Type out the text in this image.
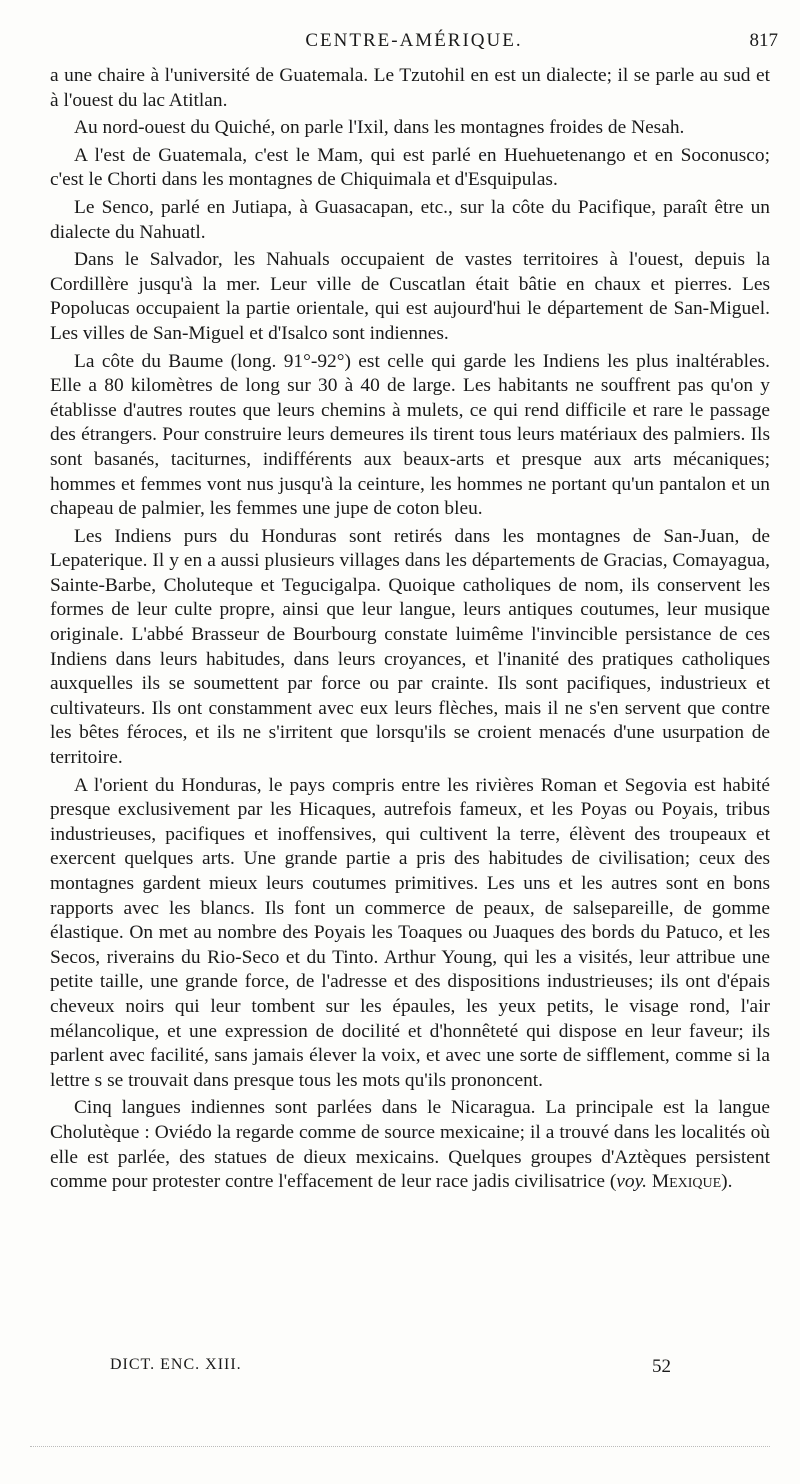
CENTRE-AMÉRIQUE.	817

a une chaire à l'université de Guatemala. Le Tzutohil en est un dialecte; il se parle au sud et à l'ouest du lac Atitlan.

Au nord-ouest du Quiché, on parle l'Ixil, dans les montagnes froides de Nesah.

A l'est de Guatemala, c'est le Mam, qui est parlé en Huehuetenango et en Soconusco; c'est le Chorti dans les montagnes de Chiquimala et d'Esquipulas.

Le Senco, parlé en Jutiapa, à Guasacapan, etc., sur la côte du Pacifique, paraît être un dialecte du Nahuatl.

Dans le Salvador, les Nahuals occupaient de vastes territoires à l'ouest, depuis la Cordillère jusqu'à la mer. Leur ville de Cuscatlan était bâtie en chaux et pierres. Les Popolucas occupaient la partie orientale, qui est aujourd'hui le département de San-Miguel. Les villes de San-Miguel et d'Isalco sont indiennes.

La côte du Baume (long. 91°-92°) est celle qui garde les Indiens les plus inaltérables. Elle a 80 kilomètres de long sur 30 à 40 de large. Les habitants ne souffrent pas qu'on y établisse d'autres routes que leurs chemins à mulets, ce qui rend difficile et rare le passage des étrangers. Pour construire leurs demeures ils tirent tous leurs matériaux des palmiers. Ils sont basanés, taciturnes, indifférents aux beaux-arts et presque aux arts mécaniques; hommes et femmes vont nus jusqu'à la ceinture, les hommes ne portant qu'un pantalon et un chapeau de palmier, les femmes une jupe de coton bleu.

Les Indiens purs du Honduras sont retirés dans les montagnes de San-Juan, de Lepaterique. Il y en a aussi plusieurs villages dans les départements de Gracias, Comayagua, Sainte-Barbe, Choluteque et Tegucigalpa. Quoique catholiques de nom, ils conservent les formes de leur culte propre, ainsi que leur langue, leurs antiques coutumes, leur musique originale. L'abbé Brasseur de Bourbourg constate luimême l'invincible persistance de ces Indiens dans leurs habitudes, dans leurs croyances, et l'inanité des pratiques catholiques auxquelles ils se soumettent par force ou par crainte. Ils sont pacifiques, industrieux et cultivateurs. Ils ont constamment avec eux leurs flèches, mais il ne s'en servent que contre les bêtes féroces, et ils ne s'irritent que lorsqu'ils se croient menacés d'une usurpation de territoire.

A l'orient du Honduras, le pays compris entre les rivières Roman et Segovia est habité presque exclusivement par les Hicaques, autrefois fameux, et les Poyas ou Poyais, tribus industrieuses, pacifiques et inoffensives, qui cultivent la terre, élèvent des troupeaux et exercent quelques arts. Une grande partie a pris des habitudes de civilisation; ceux des montagnes gardent mieux leurs coutumes primitives. Les uns et les autres sont en bons rapports avec les blancs. Ils font un commerce de peaux, de salsepareille, de gomme élastique. On met au nombre des Poyais les Toaques ou Juaques des bords du Patuco, et les Secos, riverains du Rio-Seco et du Tinto. Arthur Young, qui les a visités, leur attribue une petite taille, une grande force, de l'adresse et des dispositions industrieuses; ils ont d'épais cheveux noirs qui leur tombent sur les épaules, les yeux petits, le visage rond, l'air mélancolique, et une expression de docilité et d'honnêteté qui dispose en leur faveur; ils parlent avec facilité, sans jamais élever la voix, et avec une sorte de sifflement, comme si la lettre s se trouvait dans presque tous les mots qu'ils prononcent.

Cinq langues indiennes sont parlées dans le Nicaragua. La principale est la langue Cholutèque : Oviédo la regarde comme de source mexicaine; il a trouvé dans les localités où elle est parlée, des statues de dieux mexicains. Quelques groupes d'Aztèques persistent comme pour protester contre l'effacement de leur race jadis civilisatrice (voy. Mexique).

DICT. ENC. XIII.	52
